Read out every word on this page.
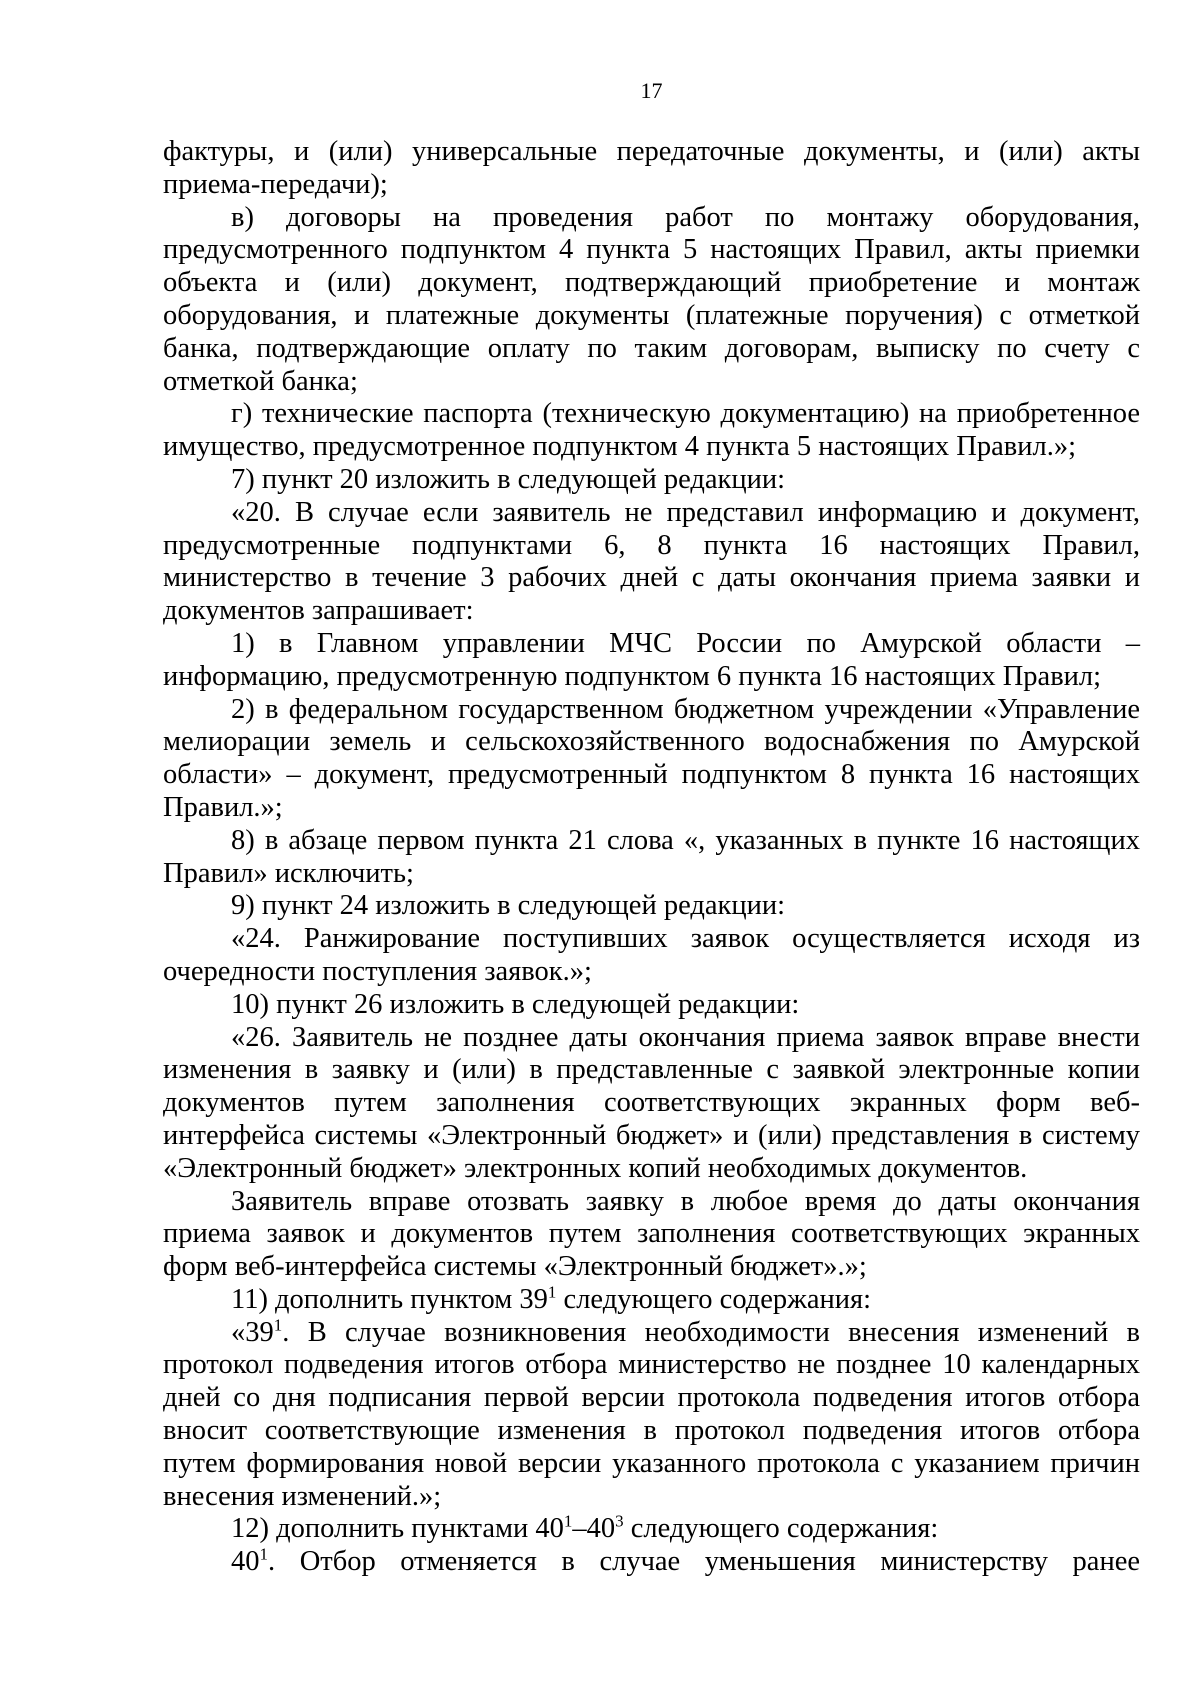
17

фактуры, и (или) универсальные передаточные документы, и (или) акты приема-передачи);

в) договоры на проведения работ по монтажу оборудования, предусмотренного подпунктом 4 пункта 5 настоящих Правил, акты приемки объекта и (или) документ, подтверждающий приобретение и монтаж оборудования, и платежные документы (платежные поручения) с отметкой банка, подтверждающие оплату по таким договорам, выписку по счету с отметкой банка;

г) технические паспорта (техническую документацию) на приобретенное имущество, предусмотренное подпунктом 4 пункта 5 настоящих Правил.»;

7) пункт 20 изложить в следующей редакции:

«20. В случае если заявитель не представил информацию и документ, предусмотренные подпунктами 6, 8 пункта 16 настоящих Правил, министерство в течение 3 рабочих дней с даты окончания приема заявки и документов запрашивает:

1) в Главном управлении МЧС России по Амурской области – информацию, предусмотренную подпунктом 6 пункта 16 настоящих Правил;

2) в федеральном государственном бюджетном учреждении «Управление мелиорации земель и сельскохозяйственного водоснабжения по Амурской области» – документ, предусмотренный подпунктом 8 пункта 16 настоящих Правил.»;

8) в абзаце первом пункта 21 слова «, указанных в пункте 16 настоящих Правил» исключить;

9) пункт 24 изложить в следующей редакции:

«24. Ранжирование поступивших заявок осуществляется исходя из очередности поступления заявок.»;

10) пункт 26 изложить в следующей редакции:

«26. Заявитель не позднее даты окончания приема заявок вправе внести изменения в заявку и (или) в представленные с заявкой электронные копии документов путем заполнения соответствующих экранных форм веб-интерфейса системы «Электронный бюджет» и (или) представления в систему «Электронный бюджет» электронных копий необходимых документов.

Заявитель вправе отозвать заявку в любое время до даты окончания приема заявок и документов путем заполнения соответствующих экранных форм веб-интерфейса системы «Электронный бюджет».»;

11) дополнить пунктом $39^1$ следующего содержания:

«$39^1$. В случае возникновения необходимости внесения изменений в протокол подведения итогов отбора министерство не позднее 10 календарных дней со дня подписания первой версии протокола подведения итогов отбора вносит соответствующие изменения в протокол подведения итогов отбора путем формирования новой версии указанного протокола с указанием причин внесения изменений.»;

12) дополнить пунктами $40^1-40^3$ следующего содержания:

$40^1$. Отбор отменяется в случае уменьшения министерству ранее
